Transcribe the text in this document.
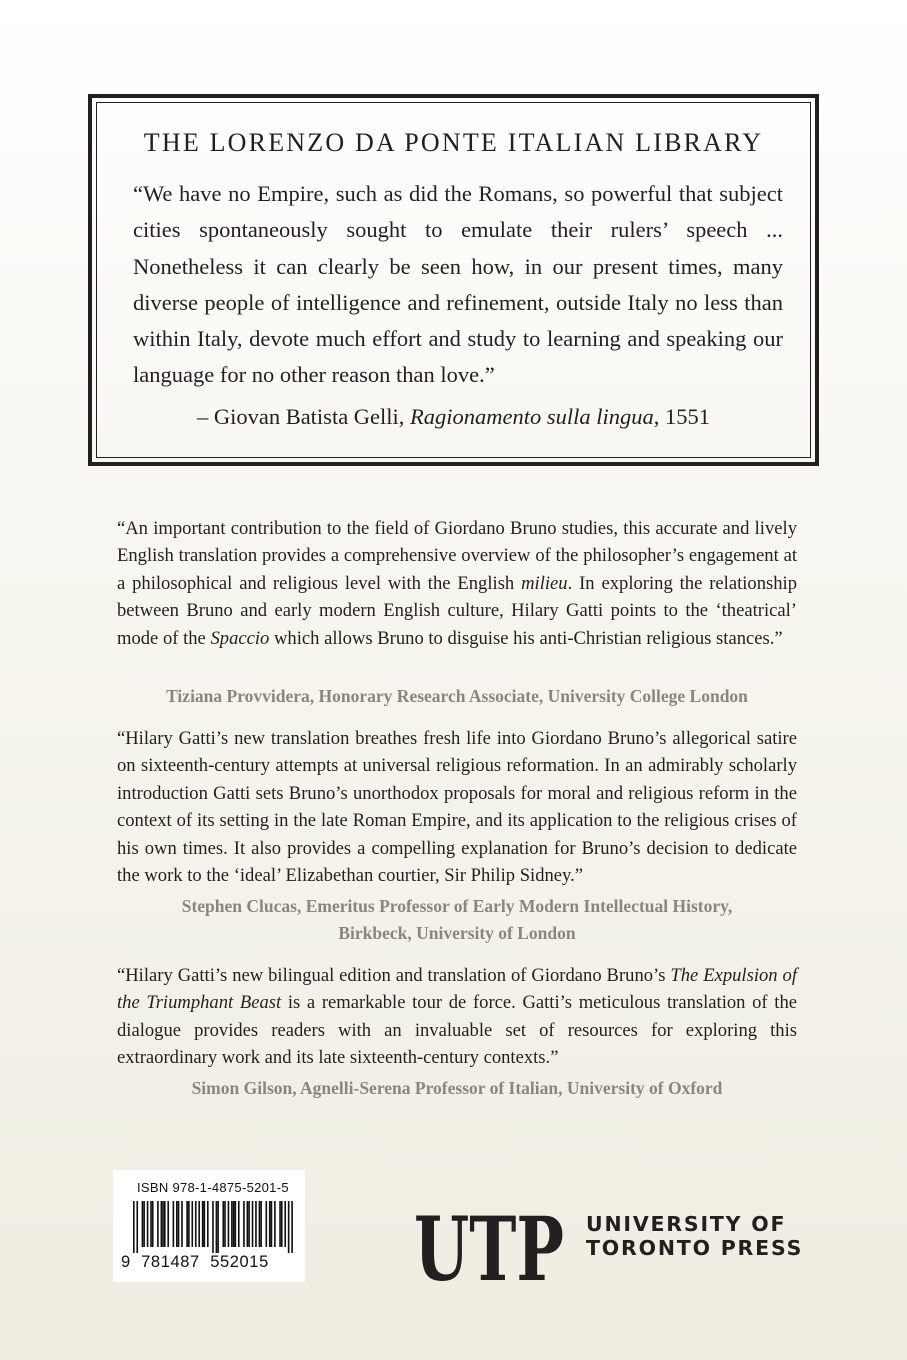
THE LORENZO DA PONTE ITALIAN LIBRARY

“We have no Empire, such as did the Romans, so powerful that subject cities spontaneously sought to emulate their rulers’ speech ... Nonetheless it can clearly be seen how, in our present times, many diverse people of intelligence and refinement, outside Italy no less than within Italy, devote much effort and study to learning and speaking our language for no other reason than love.”

– Giovan Batista Gelli, Ragionamento sulla lingua, 1551

“An important contribution to the field of Giordano Bruno studies, this accurate and lively English translation provides a comprehensive overview of the philosopher’s engagement at a philosophical and religious level with the English milieu. In exploring the relationship between Bruno and early modern English culture, Hilary Gatti points to the ‘theatrical’ mode of the Spaccio which allows Bruno to disguise his anti-Christian religious stances.”

Tiziana Provvidera, Honorary Research Associate, University College London

“Hilary Gatti’s new translation breathes fresh life into Giordano Bruno’s allegorical satire on sixteenth-century attempts at universal religious reformation. In an admirably scholarly introduction Gatti sets Bruno’s unorthodox proposals for moral and religious reform in the context of its setting in the late Roman Empire, and its application to the religious crises of his own times. It also provides a compelling explanation for Bruno’s decision to dedicate the work to the ‘ideal’ Elizabethan courtier, Sir Philip Sidney.”

Stephen Clucas, Emeritus Professor of Early Modern Intellectual History,
Birkbeck, University of London

“Hilary Gatti’s new bilingual edition and translation of Giordano Bruno’s The Expulsion of the Triumphant Beast is a remarkable tour de force. Gatti’s meticulous translation of the dialogue provides readers with an invaluable set of resources for exploring this extraordinary work and its late sixteenth-century contexts.”

Simon Gilson, Agnelli-Serena Professor of Italian, University of Oxford

ISBN 978-1-4875-5201-5
9 781487 552015	UTP UNIVERSITY OF
TORONTO PRESS
